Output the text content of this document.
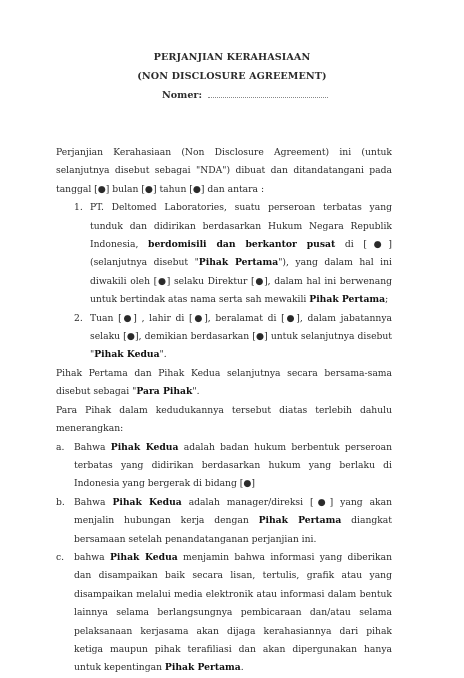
PERJANJIAN KERAHASIAAN
(NON DISCLOSURE AGREEMENT)
Nomer:

Perjanjian Kerahasiaan (Non Disclosure Agreement) ini (untuk selanjutnya disebut sebagai "NDA") dibuat dan ditandatangani pada tanggal [●] bulan [●] tahun [●] dan antara :

1. PT. Deltomed Laboratories, suatu perseroan terbatas yang tunduk dan didirikan berdasarkan Hukum Negara Republik Indonesia, berdomisili dan berkantor pusat di [●] (selanjutnya disebut "Pihak Pertama"), yang dalam hal ini diwakili oleh [●] selaku Direktur [●], dalam hal ini berwenang untuk bertindak atas nama serta sah mewakili Pihak Pertama;
2. Tuan [●] , lahir di [●], beralamat di [●], dalam jabatannya selaku [●], demikian berdasarkan [●] untuk selanjutnya disebut "Pihak Kedua".

Pihak Pertama dan Pihak Kedua selanjutnya secara bersama-sama disebut sebagai "Para Pihak".

Para Pihak dalam kedudukannya tersebut diatas terlebih dahulu menerangkan:

a. Bahwa Pihak Kedua adalah badan hukum berbentuk perseroan terbatas yang didirikan berdasarkan hukum yang berlaku di Indonesia yang bergerak di bidang [●]
b. Bahwa Pihak Kedua adalah manager/direksi [●] yang akan menjalin hubungan kerja dengan Pihak Pertama diangkat bersamaan setelah penandatanganan perjanjian ini.
c. bahwa Pihak Kedua menjamin bahwa informasi yang diberikan dan disampaikan baik secara lisan, tertulis, grafik atau yang disampaikan melalui media elektronik atau informasi dalam bentuk lainnya selama berlangsungnya pembicaraan dan/atau selama pelaksanaan kerjasama akan dijaga kerahasiannya dari pihak ketiga maupun pihak terafiliasi dan akan dipergunakan hanya untuk kepentingan Pihak Pertama.
